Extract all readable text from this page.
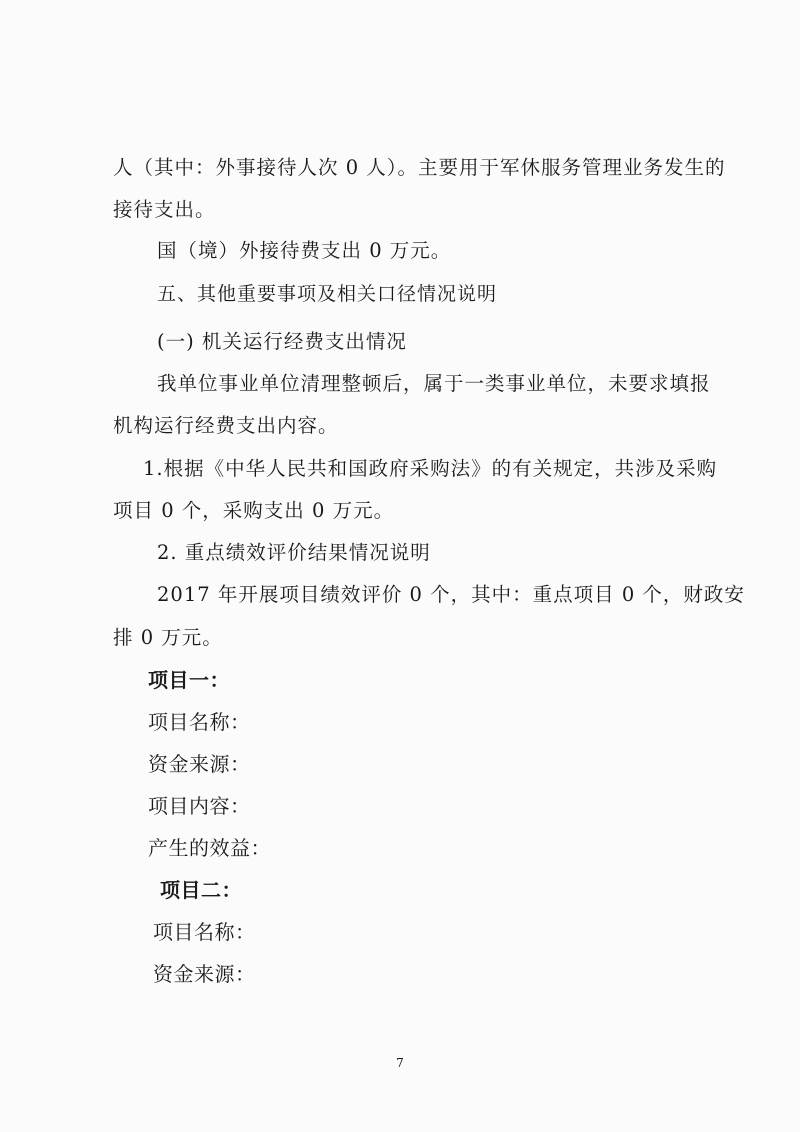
人（其中：外事接待人次 0 人）。主要用于军休服务管理业务发生的
接待支出。
国（境）外接待费支出 0 万元。
五、其他重要事项及相关口径情况说明
(一) 机关运行经费支出情况
我单位事业单位清理整顿后，属于一类事业单位，未要求填报
机构运行经费支出内容。
1.根据《中华人民共和国政府采购法》的有关规定，共涉及采购
项目 0 个，采购支出 0 万元。
2. 重点绩效评价结果情况说明
2017 年开展项目绩效评价 0 个，其中：重点项目 0 个，财政安
排 0 万元。
项目一：
项目名称：
资金来源：
项目内容：
产生的效益：
项目二：
项目名称：
资金来源：
7
